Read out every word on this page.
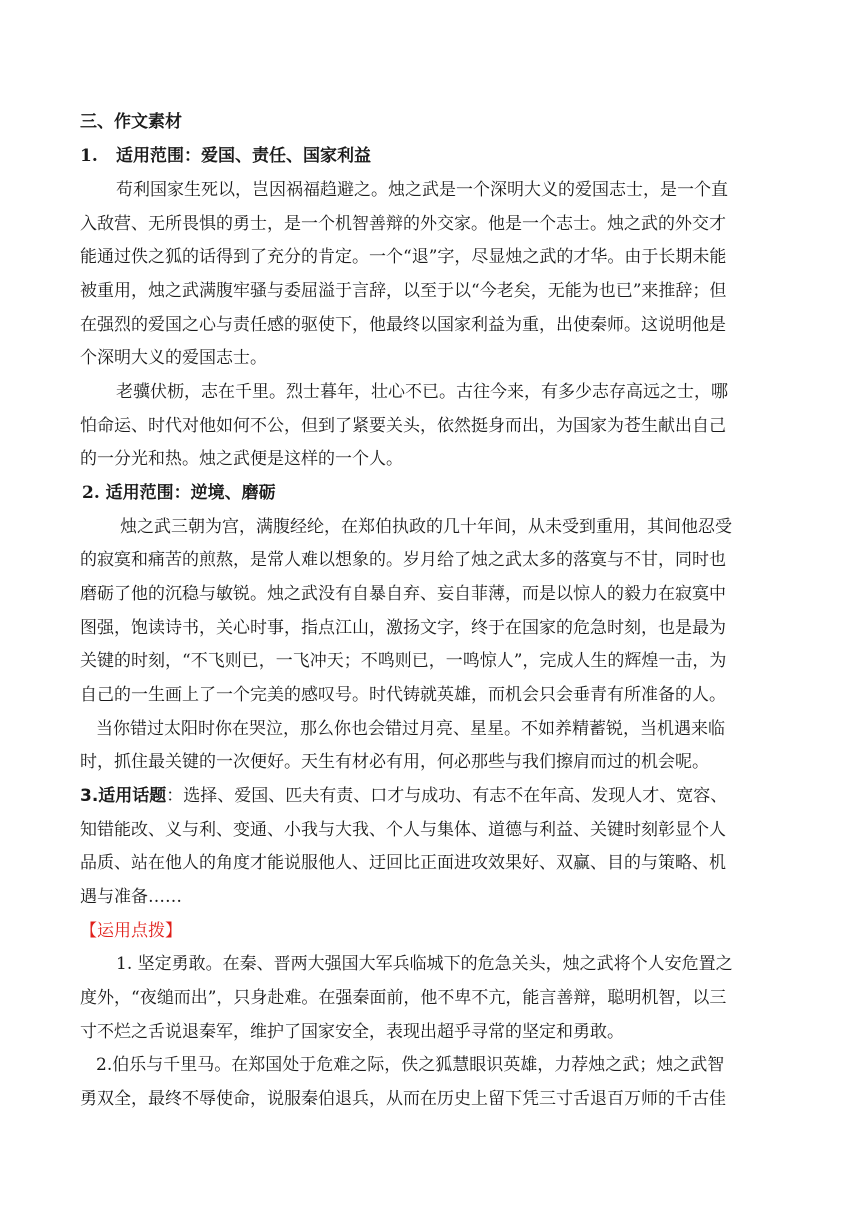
三、作文素材
1. 适用范围：爱国、责任、国家利益
苟利国家生死以，岂因祸福趋避之。烛之武是一个深明大义的爱国志士，是一个直
入敌营、无所畏惧的勇士，是一个机智善辩的外交家。他是一个志士。烛之武的外交才
能通过佚之狐的话得到了充分的肯定。一个“退”字，尽显烛之武的才华。由于长期未能
被重用，烛之武满腹牢骚与委屈溢于言辞，以至于以“今老矣，无能为也已”来推辞；但
在强烈的爱国之心与责任感的驱使下，他最终以国家利益为重，出使秦师。这说明他是
个深明大义的爱国志士。
老骥伏枥，志在千里。烈士暮年，壮心不已。古往今来，有多少志存高远之士，哪
怕命运、时代对他如何不公，但到了紧要关头，依然挺身而出，为国家为苍生献出自己
的一分光和热。烛之武便是这样的一个人。
2. 适用范围：逆境、磨砺
烛之武三朝为宫，满腹经纶，在郑伯执政的几十年间，从未受到重用，其间他忍受
的寂寞和痛苦的煎熬，是常人难以想象的。岁月给了烛之武太多的落寞与不甘，同时也
磨砺了他的沉稳与敏锐。烛之武没有自暴自弃、妄自菲薄，而是以惊人的毅力在寂寞中
图强，饱读诗书，关心时事，指点江山，激扬文字，终于在国家的危急时刻，也是最为
关键的时刻，“不飞则已，一飞冲天；不鸣则已，一鸣惊人”，完成人生的辉煌一击，为
自己的一生画上了一个完美的感叹号。时代铸就英雄，而机会只会垂青有所准备的人。
当你错过太阳时你在哭泣，那么你也会错过月亮、星星。不如养精蓄锐，当机遇来临
时，抓住最关键的一次便好。天生有材必有用，何必那些与我们擦肩而过的机会呢。
3.适用话题：选择、爱国、匹夫有责、口才与成功、有志不在年高、发现人才、宽容、
知错能改、义与利、变通、小我与大我、个人与集体、道德与利益、关键时刻彰显个人
品质、站在他人的角度才能说服他人、迂回比正面进攻效果好、双赢、目的与策略、机
遇与准备……
【运用点拨】
1. 坚定勇敢。在秦、晋两大强国大军兵临城下的危急关头，烛之武将个人安危置之
度外，“夜缒而出”，只身赴难。在强秦面前，他不卑不亢，能言善辩，聪明机智，以三
寸不烂之舌说退秦军，维护了国家安全，表现出超乎寻常的坚定和勇敢。
2.伯乐与千里马。在郑国处于危难之际，佚之狐慧眼识英雄，力荐烛之武；烛之武智
勇双全，最终不辱使命，说服秦伯退兵，从而在历史上留下凭三寸舌退百万师的千古佳
